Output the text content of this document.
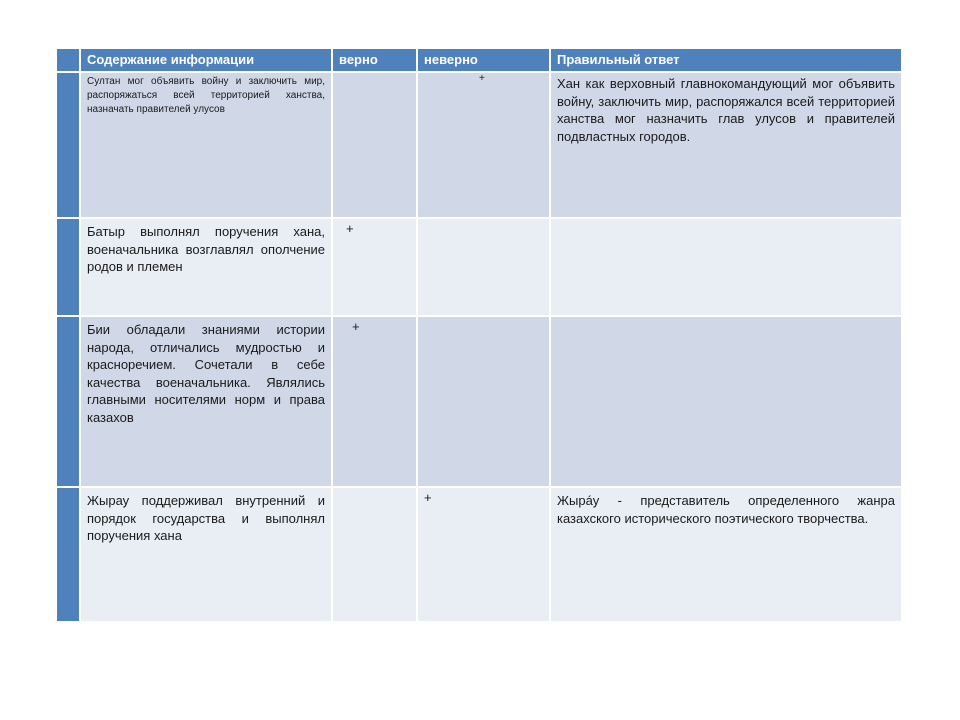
	Содержание информации	верно	неверно	Правильный ответ

	Султан мог объявить войну и заключить мир, распоряжаться всей территорией ханства, назначать правителей улусов		+	Хан как верховный главнокомандующий мог объявить войну, заключить мир, распоряжался всей территорией ханства мог назначить глав улусов и правителей подвластных городов.

	Батыр выполнял поручения хана, военачальника возглавлял ополчение родов и племен	+		

	Бии обладали знаниями истории народа, отличались мудростью и красноречием. Сочетали в себе качества военачальника. Являлись главными носителями норм и права казахов	+		

	Жырау поддерживал внутренний и порядок государства и выполнял поручения хана		+	Жырáу - представитель определенного жанра казахского исторического поэтического творчества.
